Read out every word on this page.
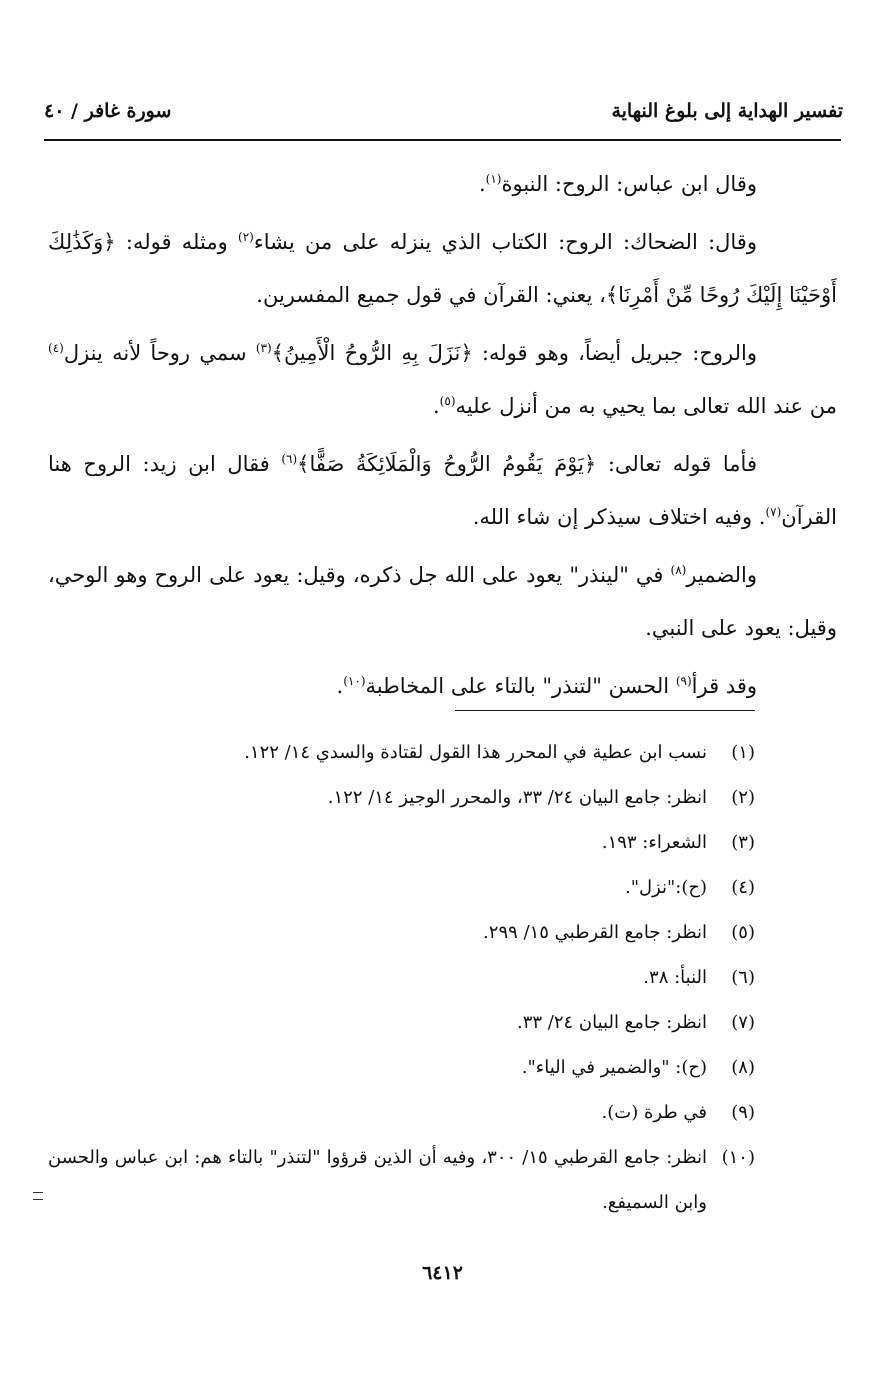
تفسير الهداية إلى بلوغ النهاية
سورة غافر / ٤٠

وقال ابن عباس: الروح: النبوة$^{(١)}$.

وقال: الضحاك: الروح: الكتاب الذي ينزله على من يشاء$^{(٢)}$ ومثله قوله: ﴿وَكَذَٰلِكَ أَوْحَيْنَا إِلَيْكَ رُوحًا مِّنْ أَمْرِنَا﴾، يعني: القرآن في قول جميع المفسرين.

والروح: جبريل أيضاً، وهو قوله: ﴿نَزَلَ بِهِ الرُّوحُ الْأَمِينُ﴾$^{(٣)}$ سمي روحاً لأنه ينزل$^{(٤)}$ من عند الله تعالى بما يحيي به من أنزل عليه$^{(٥)}$.

فأما قوله تعالى: ﴿يَوْمَ يَقُومُ الرُّوحُ وَالْمَلَائِكَةُ صَفًّا﴾$^{(٦)}$ فقال ابن زيد: الروح هنا القرآن$^{(٧)}$. وفيه اختلاف سيذكر إن شاء الله.

والضمير$^{(٨)}$ في "لينذر" يعود على الله جل ذكره، وقيل: يعود على الروح وهو الوحي، وقيل: يعود على النبي.

وقد قرأ$^{(٩)}$ الحسن "لتنذر" بالتاء على المخاطبة$^{(١٠)}$.

(١)
نسب ابن عطية في المحرر هذا القول لقتادة والسدي ١٤/ ١٢٢.
(٢)
انظر: جامع البيان ٢٤/ ٣٣، والمحرر الوجيز ١٤/ ١٢٢.
(٣)
الشعراء: ١٩٣.
(٤)
(ح):"نزل".
(٥)
انظر: جامع القرطبي ١٥/ ٢٩٩.
(٦)
النبأ: ٣٨.
(٧)
انظر: جامع البيان ٢٤/ ٣٣.
(٨)
(ح): "والضمير في الياء".
(٩)
في طرة (ت).
(١٠)
انظر: جامع القرطبي ١٥/ ٣٠٠، وفيه أن الذين قرؤوا "لتنذر" بالتاء هم: ابن عباس والحسن وابن السميفع.
٦٤١٢
